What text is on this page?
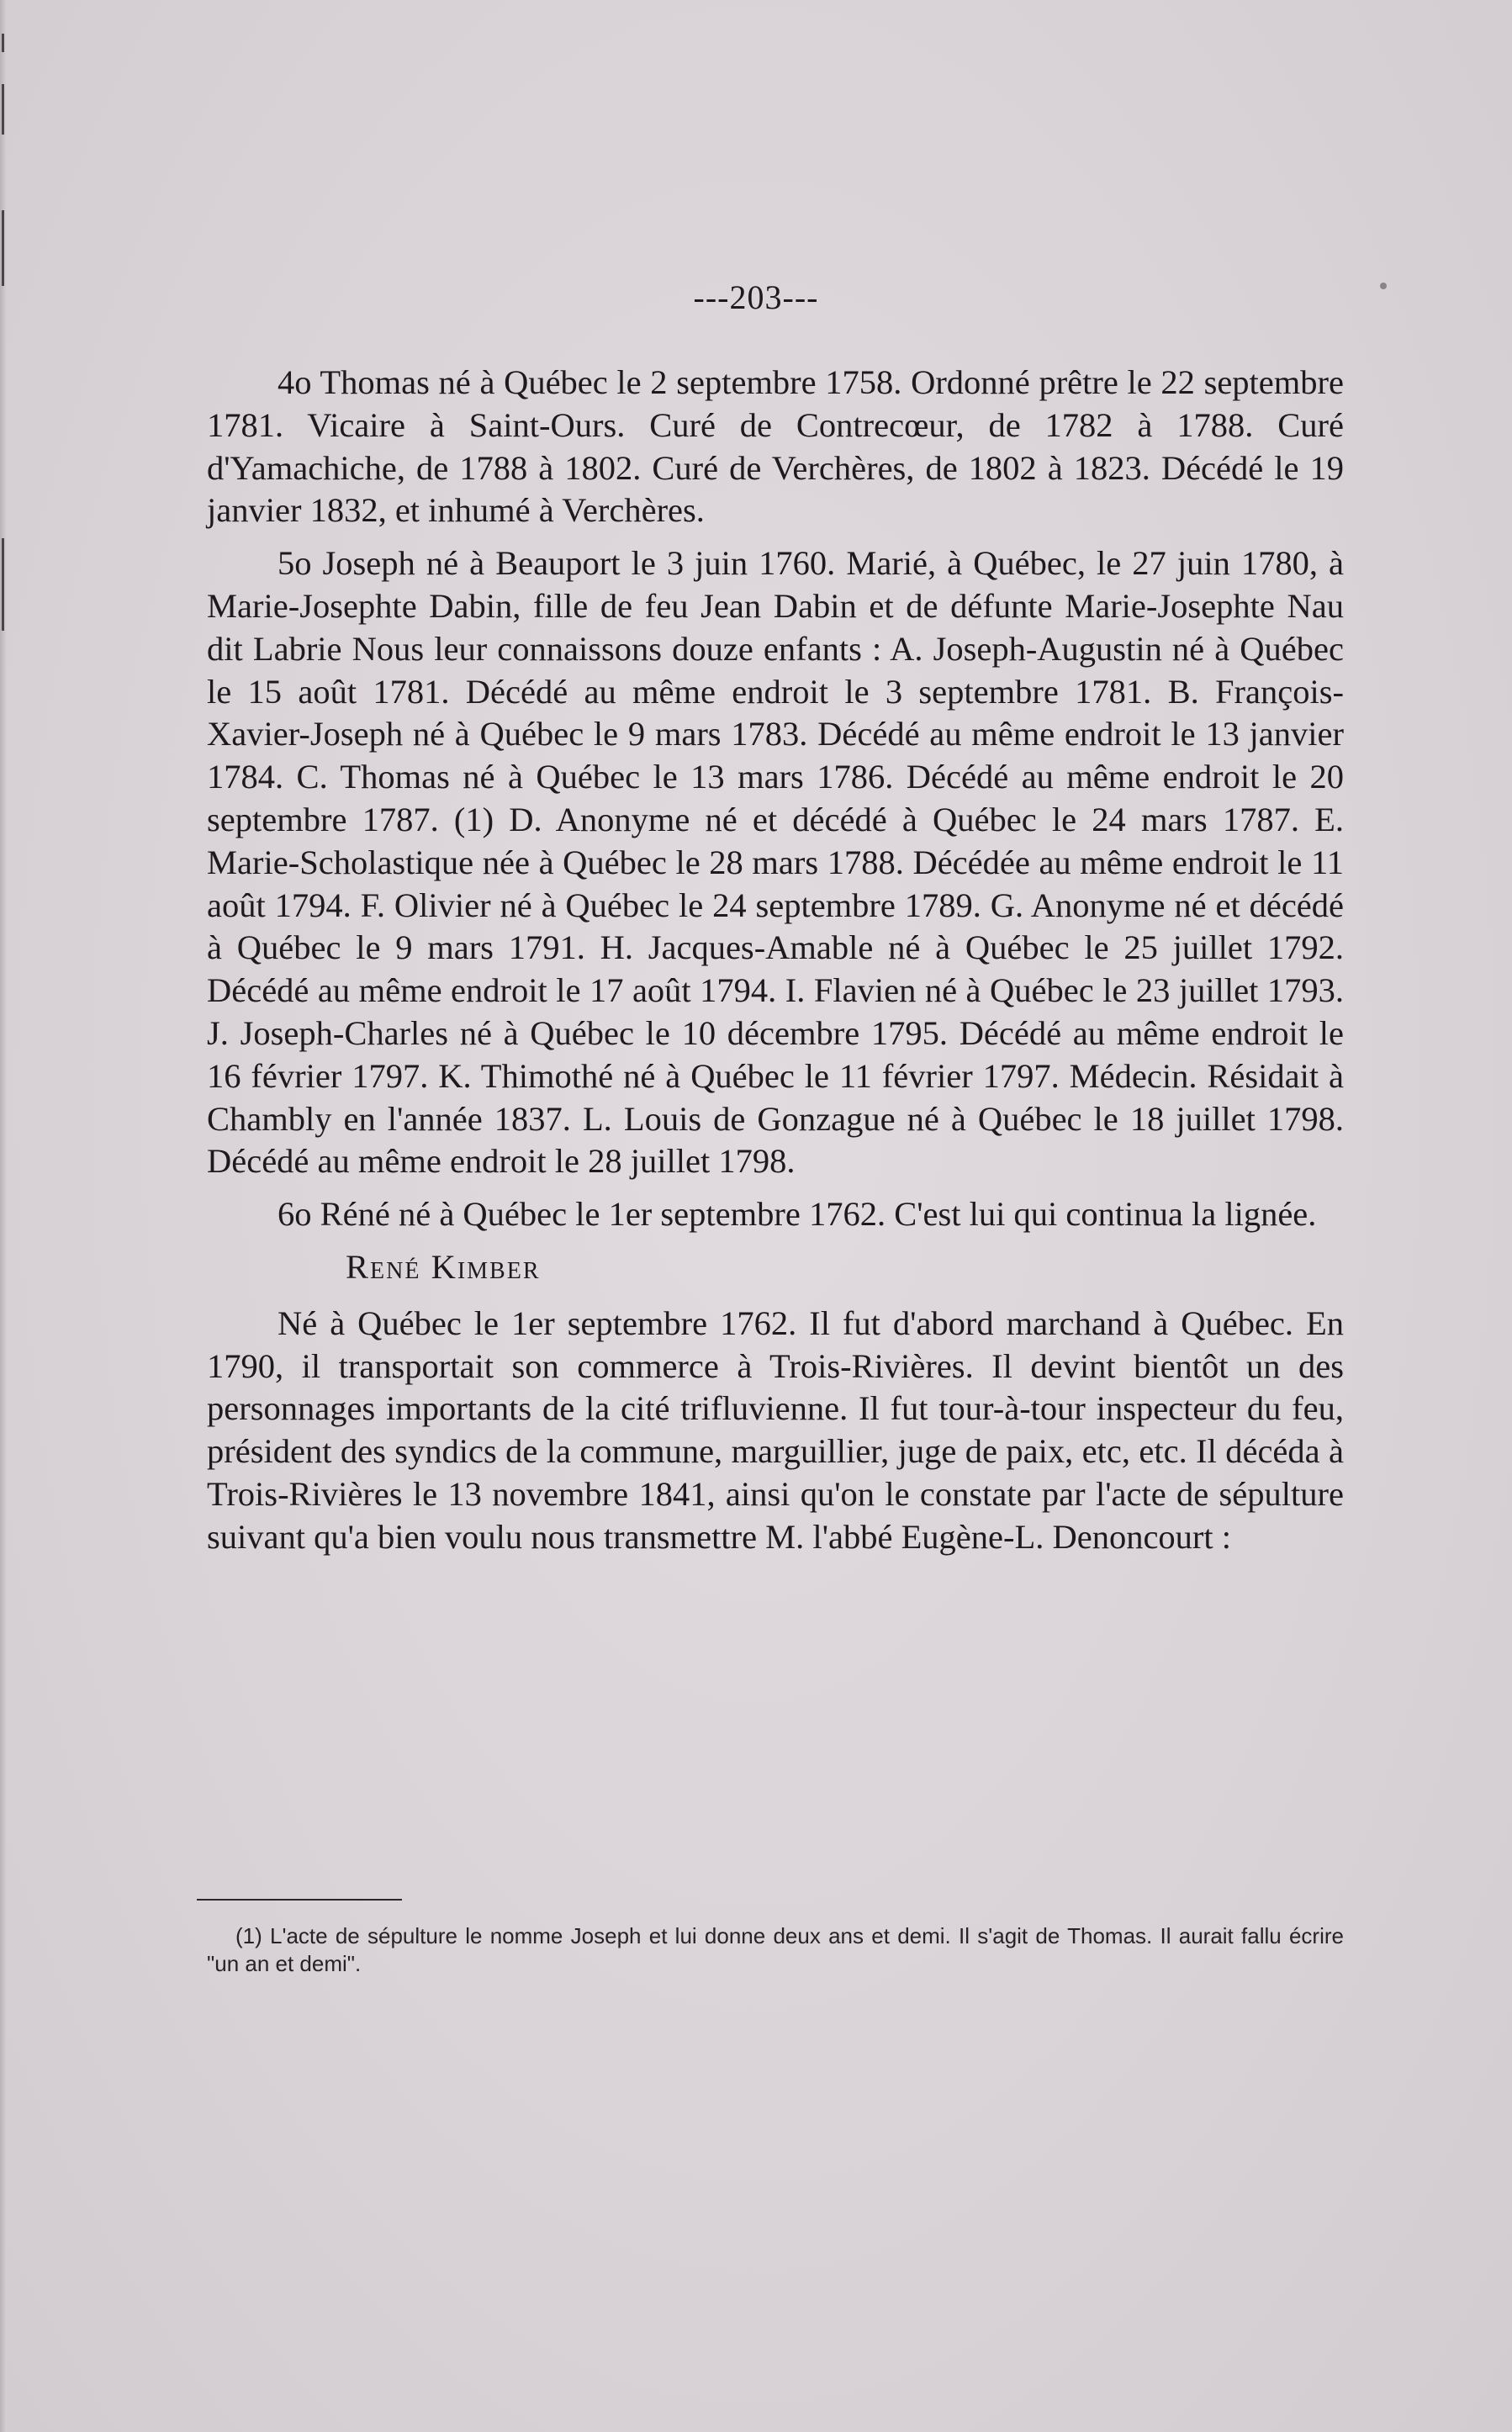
---203---

4o Thomas né à Québec le 2 septembre 1758. Ordonné prêtre le 22 septembre 1781. Vicaire à Saint-Ours. Curé de Contrecœur, de 1782 à 1788. Curé d'Yamachiche, de 1788 à 1802. Curé de Verchères, de 1802 à 1823. Décédé le 19 janvier 1832, et inhumé à Verchères.

5o Joseph né à Beauport le 3 juin 1760. Marié, à Québec, le 27 juin 1780, à Marie-Josephte Dabin, fille de feu Jean Dabin et de défunte Marie-Josephte Nau dit Labrie Nous leur connaissons douze enfants : A. Joseph-Augustin né à Québec le 15 août 1781. Décédé au même endroit le 3 septembre 1781. B. François-Xavier-Joseph né à Québec le 9 mars 1783. Décédé au même endroit le 13 janvier 1784. C. Thomas né à Québec le 13 mars 1786. Décédé au même endroit le 20 septembre 1787. (1) D. Anonyme né et décédé à Québec le 24 mars 1787. E. Marie-Scholastique née à Québec le 28 mars 1788. Décédée au même endroit le 11 août 1794. F. Olivier né à Québec le 24 septembre 1789. G. Anonyme né et décédé à Québec le 9 mars 1791. H. Jacques-Amable né à Québec le 25 juillet 1792. Décédé au même endroit le 17 août 1794. I. Flavien né à Québec le 23 juillet 1793. J. Joseph-Charles né à Québec le 10 décembre 1795. Décédé au même endroit le 16 février 1797. K. Thimothé né à Québec le 11 février 1797. Médecin. Résidait à Chambly en l'année 1837. L. Louis de Gonzague né à Québec le 18 juillet 1798. Décédé au même endroit le 28 juillet 1798.

6o Réné né à Québec le 1er septembre 1762. C'est lui qui continua la lignée.

René Kimber

Né à Québec le 1er septembre 1762. Il fut d'abord marchand à Québec. En 1790, il transportait son commerce à Trois-Rivières. Il devint bientôt un des personnages importants de la cité trifluvienne. Il fut tour-à-tour inspecteur du feu, président des syndics de la commune, marguillier, juge de paix, etc, etc. Il décéda à Trois-Rivières le 13 novembre 1841, ainsi qu'on le constate par l'acte de sépulture suivant qu'a bien voulu nous transmettre M. l'abbé Eugène-L. Denoncourt :

(1) L'acte de sépulture le nomme Joseph et lui donne deux ans et demi. Il s'agit de Thomas. Il aurait fallu écrire "un an et demi".
